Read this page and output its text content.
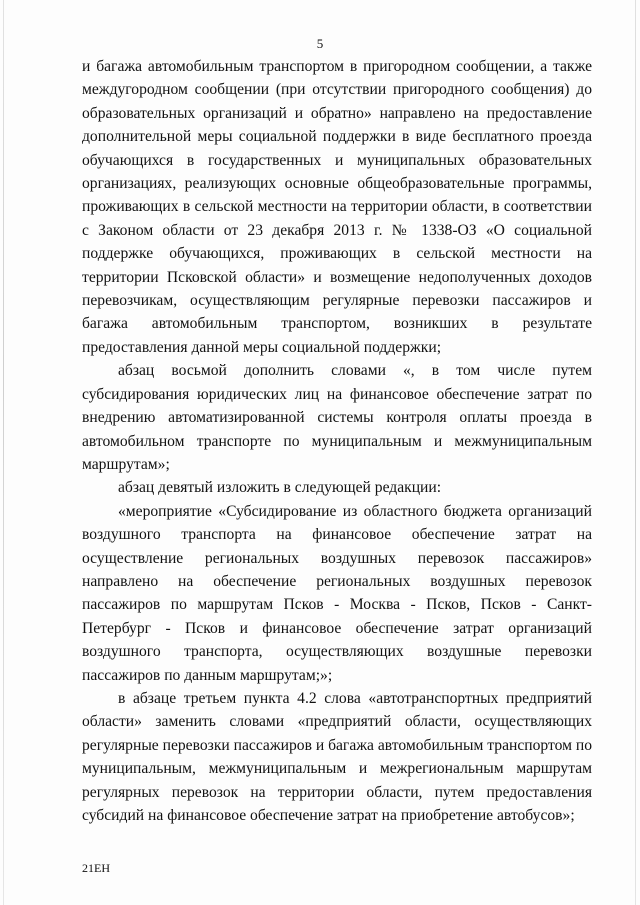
5

и багажа автомобильным транспортом в пригородном сообщении, а также междугородном сообщении (при отсутствии пригородного сообщения) до образовательных организаций и обратно» направлено на предоставление дополнительной меры социальной поддержки в виде бесплатного проезда обучающихся в государственных и муниципальных образовательных организациях, реализующих основные общеобразовательные программы, проживающих в сельской местности на территории области, в соответствии с Законом области от 23 декабря 2013 г. № 1338-ОЗ «О социальной поддержке обучающихся, проживающих в сельской местности на территории Псковской области» и возмещение недополученных доходов перевозчикам, осуществляющим регулярные перевозки пассажиров и багажа автомобильным транспортом, возникших в результате предоставления данной меры социальной поддержки;

абзац восьмой дополнить словами «, в том числе путем субсидирования юридических лиц на финансовое обеспечение затрат по внедрению автоматизированной системы контроля оплаты проезда в автомобильном транспорте по муниципальным и межмуниципальным маршрутам»;

абзац девятый изложить в следующей редакции:

«мероприятие «Субсидирование из областного бюджета организаций воздушного транспорта на финансовое обеспечение затрат на осуществление региональных воздушных перевозок пассажиров» направлено на обеспечение региональных воздушных перевозок пассажиров по маршрутам Псков - Москва - Псков, Псков - Санкт-Петербург - Псков и финансовое обеспечение затрат организаций воздушного транспорта, осуществляющих воздушные перевозки пассажиров по данным маршрутам;»;

в абзаце третьем пункта 4.2 слова «автотранспортных предприятий области» заменить словами «предприятий области, осуществляющих регулярные перевозки пассажиров и багажа автомобильным транспортом по муниципальным, межмуниципальным и межрегиональным маршрутам регулярных перевозок на территории области, путем предоставления субсидий на финансовое обеспечение затрат на приобретение автобусов»;

21ЕН
